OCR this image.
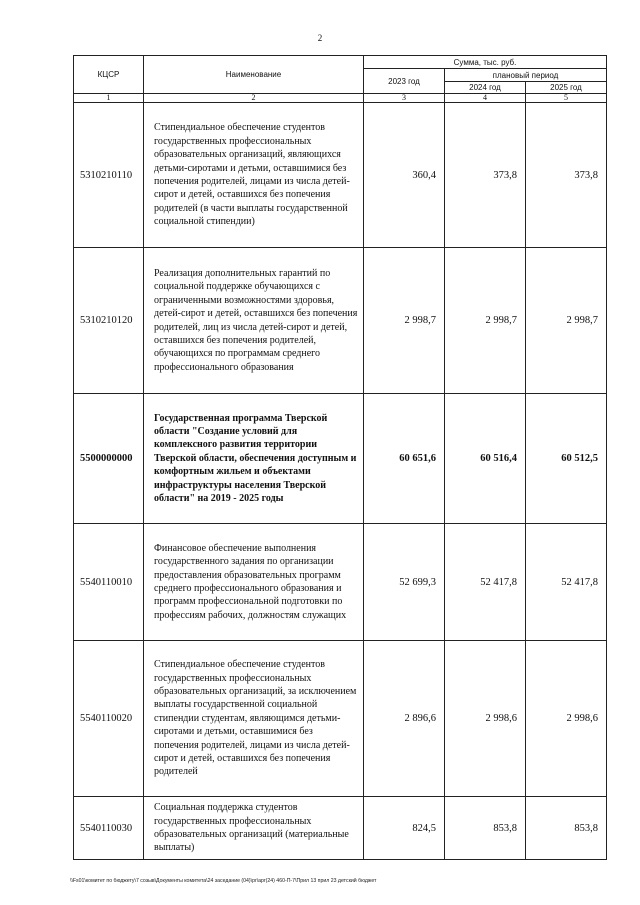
2
КЦСР	Наименование	Сумма, тыс. руб.		
		2023 год	плановый период	
			2024 год	2025 год
1	2	3	4	5
5310210110	Стипендиальное обеспечение студентов государственных профессиональных образовательных организаций, являющихся детьми-сиротами и детьми, оставшимися без попечения родителей, лицами из числа детей-сирот и детей, оставшихся без попечения родителей (в части выплаты государственной социальной стипендии)	360,4	373,8	373,8
5310210120	Реализация дополнительных гарантий по социальной поддержке обучающихся с ограниченными возможностями здоровья, детей-сирот и детей, оставшихся без попечения родителей, лиц из числа детей-сирот и детей, оставшихся без попечения родителей, обучающихся по программам среднего профессионального образования	2 998,7	2 998,7	2 998,7
5500000000	Государственная программа Тверской области "Создание условий для комплексного развития территории Тверской области, обеспечения доступным и комфортным жильем и объектами инфраструктуры населения Тверской области" на 2019 - 2025 годы	60 651,6	60 516,4	60 512,5
5540110010	Финансовое обеспечение выполнения государственного задания по организации предоставления образовательных программ среднего профессионального образования и программ профессиональной подготовки по профессиям рабочих, должностям служащих	52 699,3	52 417,8	52 417,8
5540110020	Стипендиальное обеспечение студентов государственных профессиональных образовательных организаций, за исключением выплаты государственной социальной стипендии студентам, являющимся детьми-сиротами и детьми, оставшимися без попечения родителей, лицами из числа детей-сирот и детей, оставшихся без попечения родителей	2 896,6	2 998,6	2 998,6
5540110030	Социальная поддержка студентов государственных профессиональных образовательных организаций (материальные выплаты)	824,5	853,8	853,8
\\Fs01\комитет по бюджету\7 созыв\Документы комитета\24 заседание (04)\pr\apr(24) 460-П-7\Прил 13 прил 23 детский бюджет
